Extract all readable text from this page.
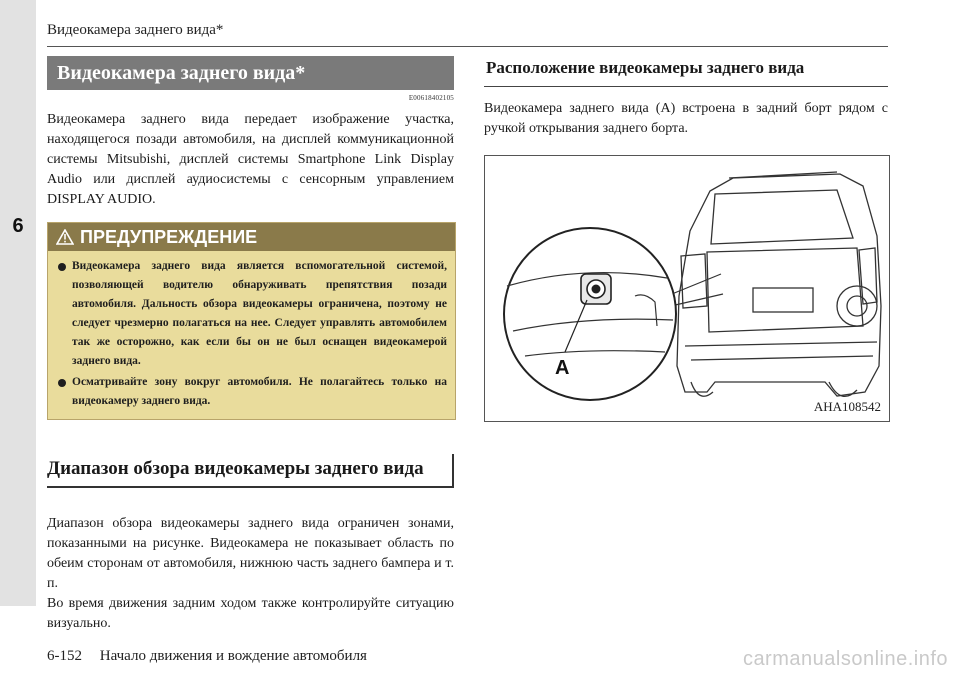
6
Видеокамера заднего вида*
Видеокамера заднего вида*
E00618402105

Видеокамера заднего вида передает изображение участка, находящегося позади автомобиля, на дисплей коммуникационной системы Mitsubishi, дисплей системы Smartphone Link Display Audio или дисплей аудиосистемы с сенсорным управлением DISPLAY AUDIO.

ПРЕДУПРЕЖДЕНИЕ
Видеокамера заднего вида является вспомогательной системой, позволяющей водителю обнаруживать препятствия позади автомобиля. Дальность обзора видеокамеры ограничена, поэтому не следует чрезмерно полагаться на нее. Следует управлять автомобилем так же осторожно, как если бы он не был оснащен видеокамерой заднего вида.
Осматривайте зону вокруг автомобиля. Не полагайтесь только на видеокамеру заднего вида.
Диапазон обзора видеокамеры заднего вида

Диапазон обзора видеокамеры заднего вида ограничен зонами, показанными на рисунке. Видеокамера не показывает область по обеим сторонам от автомобиля, нижнюю часть заднего бампера и т. п.

Во время движения задним ходом также контролируйте ситуацию визуально.

Расположение видеокамеры заднего вида

Видеокамера заднего вида (A) встроена в задний борт рядом с ручкой открывания заднего борта.

A
AHA108542
6-152 Начало движения и вождение автомобиля	carmanualsonline.info
